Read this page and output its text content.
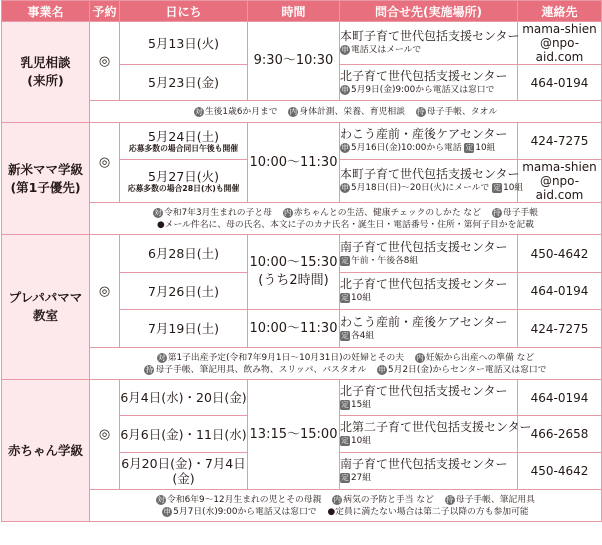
事業名	予約	日にち	時間	問合せ先(実施場所)	連絡先
乳児相談
(来所)	◎	5月13日(火)	9:30〜10:30	本町子育て世代包括支援センター
申 電話又はメールで	mama-shien
@npo-aid.com
		5月23日(金)		北子育て世代包括支援センター
申 5月9日(金)9:00から電話又は窓口で	464-0194

	対 生後1歳6か月まで 内 身体計測、栄養、育児相談 持 母子手帳、タオル				

新米ママ学級
(第1子優先)	◎	5月24日(土)
応募多数の場合同日午後も開催	10:00〜11:30	わこう産前・産後ケアセンター
申 5月16日(金)10:00から電話 定 10組	424-7275
		5月27日(火)
応募多数の場合28日(水)も開催		本町子育て世代包括支援センター
申 5月18日(日)〜20日(火)にメールで 定 10組	mama-shien
@npo-aid.com

	対 令和7年3月生まれの子と母 内 赤ちゃんとの生活、健康チェックのしかた など 持 母子手帳
●メール件名に、母の氏名、本文に子のカナ氏名・誕生日・電話番号・住所・第何子目かを記載				

プレパパママ
教室	◎	6月28日(土)	10:00〜15:30
(うち2時間)	南子育て世代包括支援センター
定 午前・午後各8組	450-4642
		7月26日(土)		北子育て世代包括支援センター
定 10組	464-0194
		7月19日(土)	10:00〜11:30	わこう産前・産後ケアセンター
定 各4組	424-7275

	対 第1子出産予定(令和7年9月1日〜10月31日)の妊婦とその夫 内 妊娠から出産への準備 など
持 母子手帳、筆記用具、飲み物、スリッパ、バスタオル 申 5月2日(金)からセンター電話又は窓口で				

赤ちゃん学級	◎	6月4日(水)・20日(金)	13:15〜15:00	北子育て世代包括支援センター
定 15組	464-0194
		6月6日(金)・11日(水)		北第二子育て世代包括支援センター
定 10組	466-2658
		6月20日(金)・7月4日(金)		南子育て世代包括支援センター
定 27組	450-4642

	対 令和6年9〜12月生まれの児とその母親 内 病気の予防と手当 など 持 母子手帳、筆記用具
申 5月7日(水)9:00から電話又は窓口で ●定員に満たない場合は第二子以降の方も参加可能				
